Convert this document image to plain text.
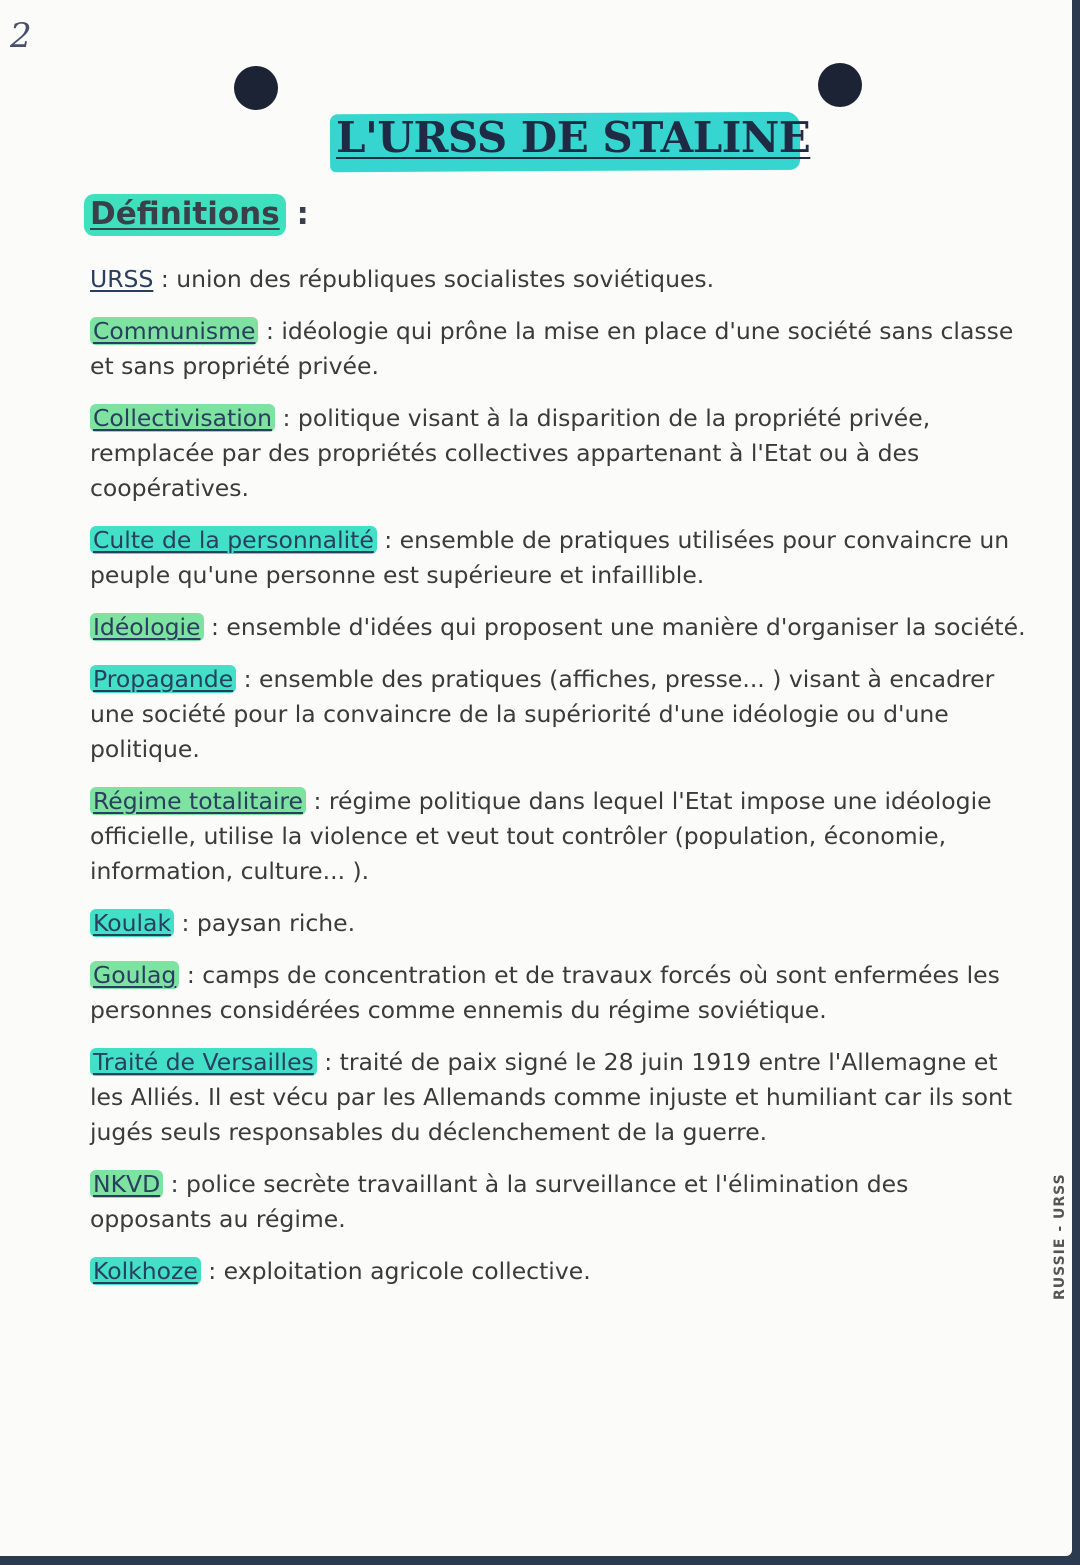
2
L'URSS DE STALINE
Définitions :
URSS : union des républiques socialistes soviétiques.
Communisme : idéologie qui prône la mise en place d'une société sans classe et sans propriété privée.
Collectivisation : politique visant à la disparition de la propriété privée, remplacée par des propriétés collectives appartenant à l'Etat ou à des coopératives.
Culte de la personnalité : ensemble de pratiques utilisées pour convaincre un peuple qu'une personne est supérieure et infaillible.
Idéologie : ensemble d'idées qui proposent une manière d'organiser la société.
Propagande : ensemble des pratiques (affiches, presse... ) visant à encadrer une société pour la convaincre de la supériorité d'une idéologie ou d'une politique.
Régime totalitaire : régime politique dans lequel l'Etat impose une idéologie officielle, utilise la violence et veut tout contrôler (population, économie, information, culture... ).
Koulak : paysan riche.
Goulag : camps de concentration et de travaux forcés où sont enfermées les personnes considérées comme ennemis du régime soviétique.
Traité de Versailles : traité de paix signé le 28 juin 1919 entre l'Allemagne et les Alliés. Il est vécu par les Allemands comme injuste et humiliant car ils sont jugés seuls responsables du déclenchement de la guerre.
NKVD : police secrète travaillant à la surveillance et l'élimination des opposants au régime.
Kolkhoze : exploitation agricole collective.	RUSSIE - URSS
